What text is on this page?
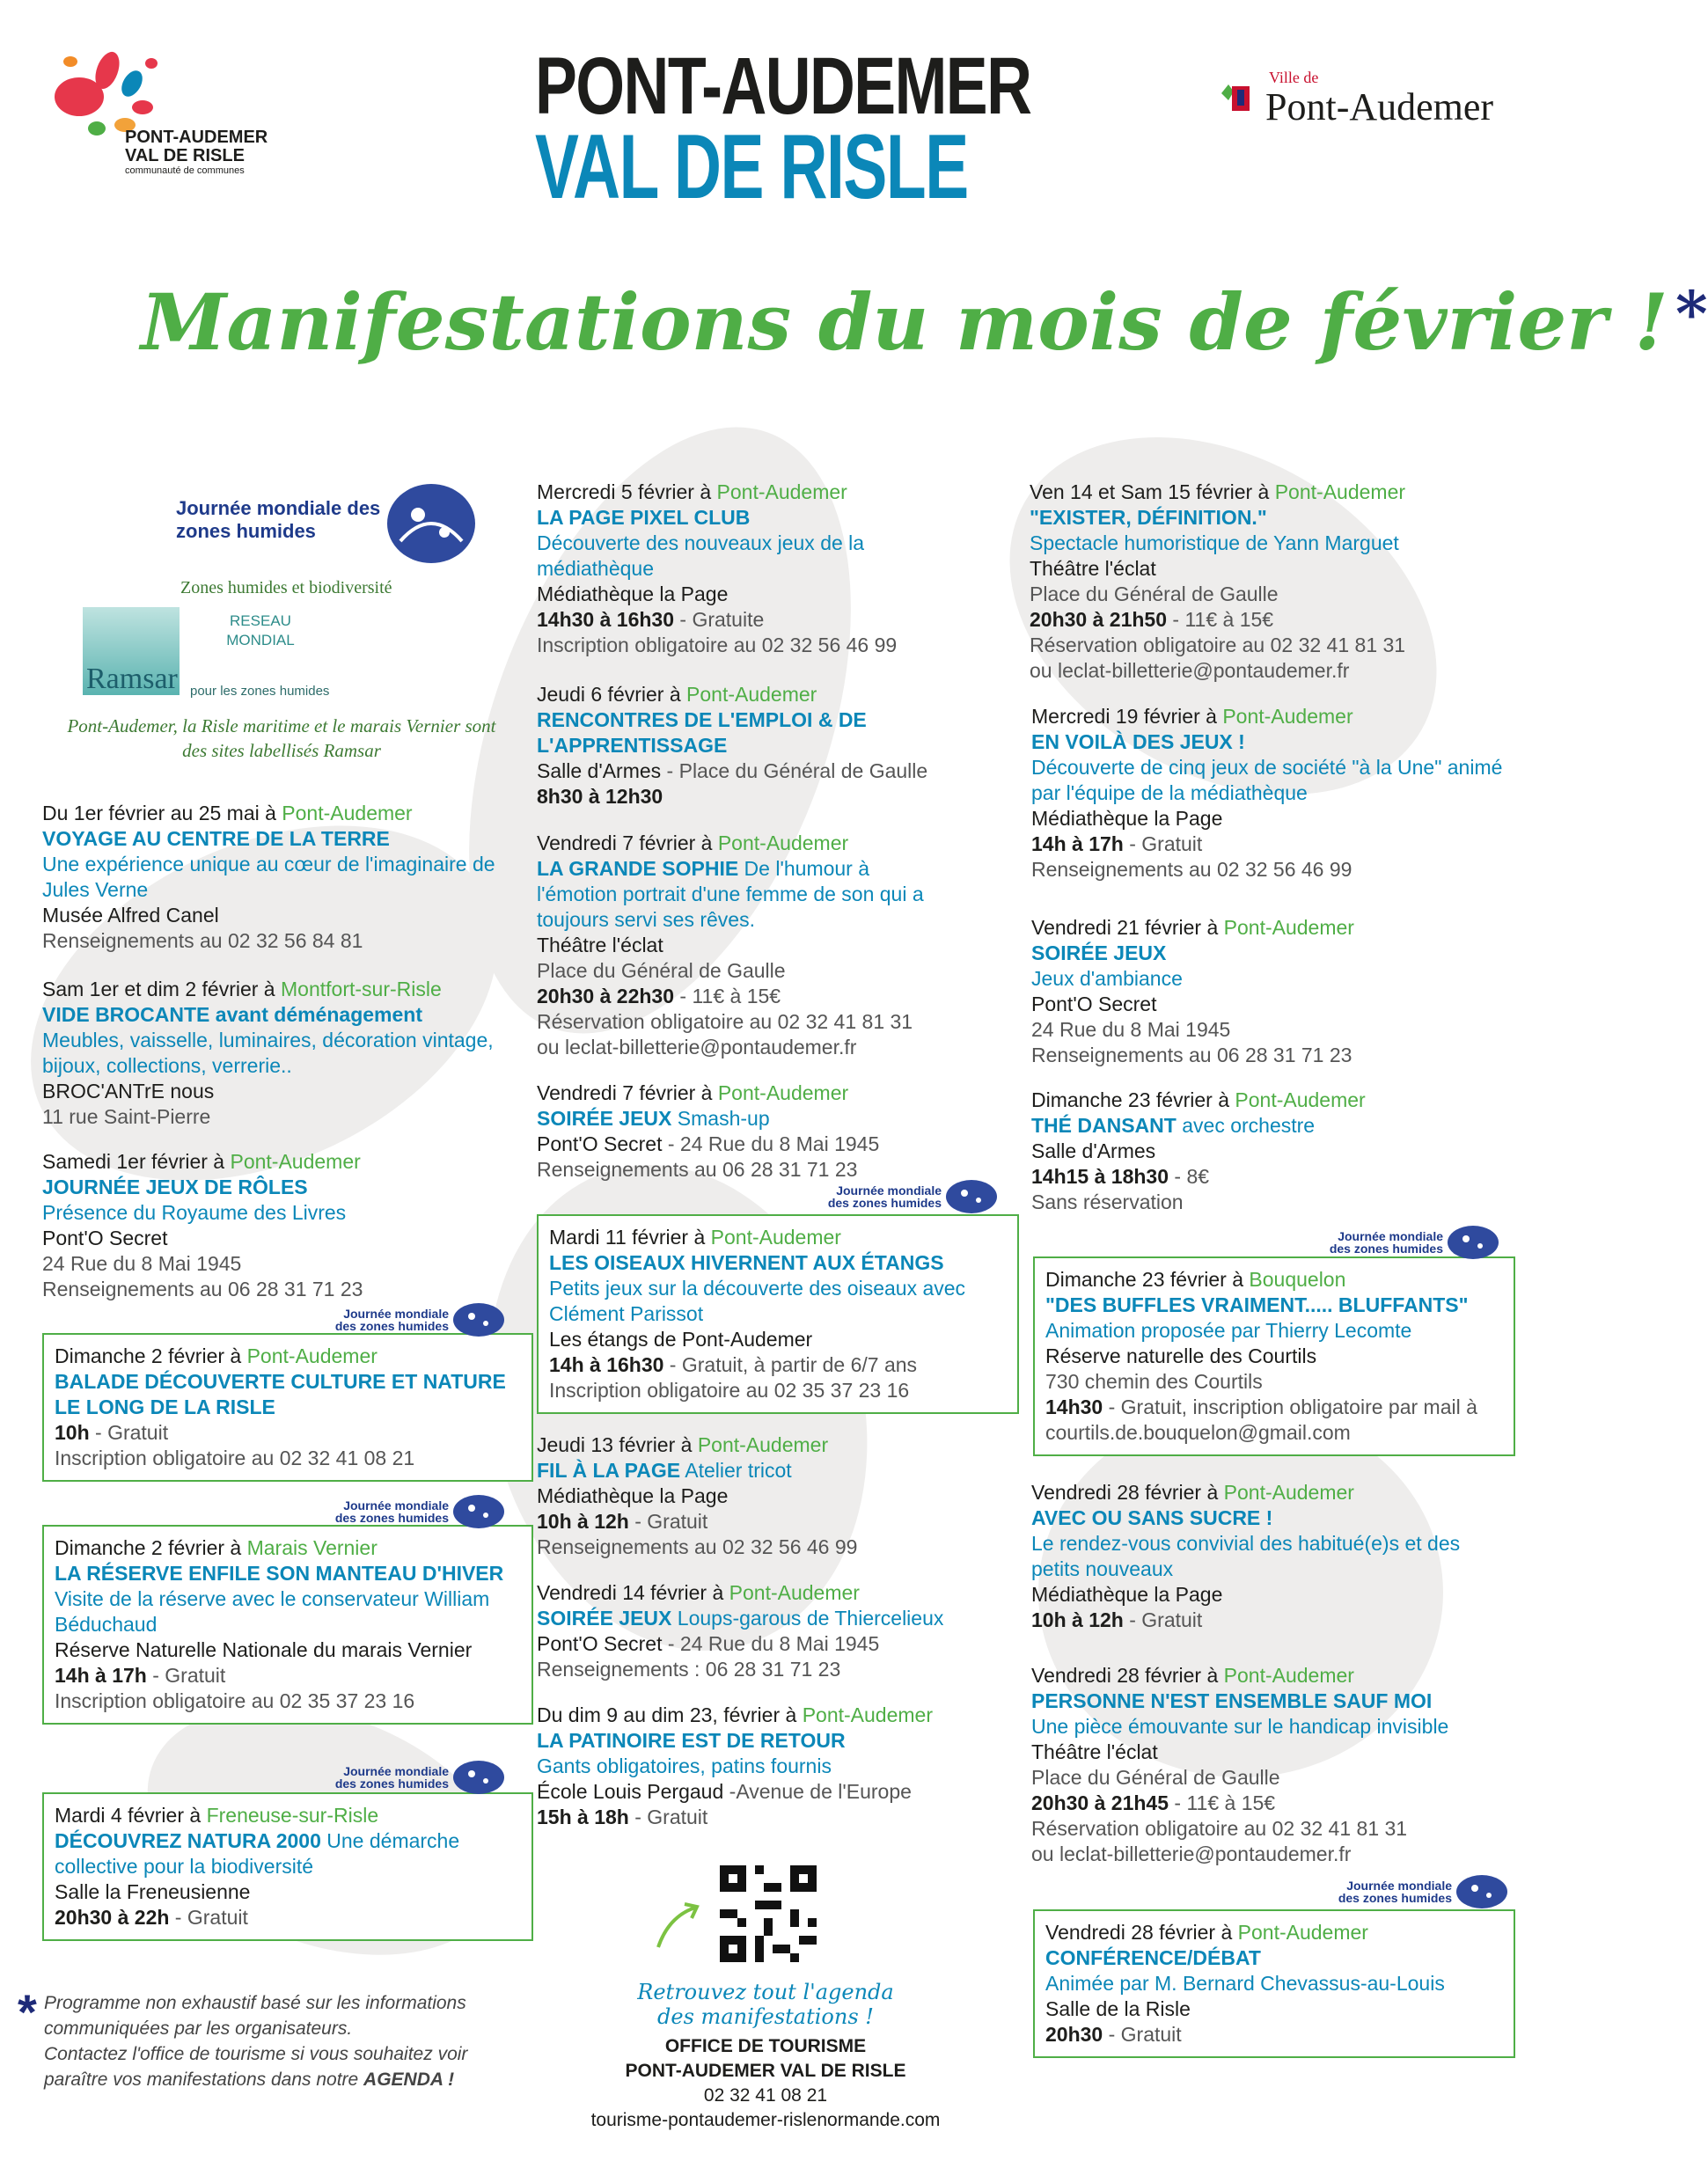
PONT-AUDEMER
VAL DE RISLE
communauté de communes
PONT-AUDEMER
VAL DE RISLE
Ville de
Pont-Audemer
Manifestations du mois de février ! *
Journée mondiale des zones humides
Zones humides et biodiversité
Ramsar
RESEAU MONDIAL
pour les zones humides
Pont-Audemer, la Risle maritime et le marais Vernier sont des sites labellisés Ramsar
Du 1er février au 25 mai à Pont-Audemer
VOYAGE AU CENTRE DE LA TERRE
Une expérience unique au cœur de l'imaginaire de Jules Verne
Musée Alfred Canel
Renseignements au 02 32 56 84 81
Sam 1er et dim 2 février à Montfort-sur-Risle
VIDE BROCANTE avant déménagement
Meubles, vaisselle, luminaires, décoration vintage, bijoux, collections, verrerie..
BROC'ANTrE nous
11 rue Saint-Pierre
Samedi 1er février à Pont-Audemer
JOURNÉE JEUX DE RÔLES
Présence du Royaume des Livres
Pont'O Secret
24 Rue du 8 Mai 1945
Renseignements au 06 28 31 71 23
Journée mondiale des zones humides
Dimanche 2 février à Pont-Audemer
BALADE DÉCOUVERTE CULTURE ET NATURE LE LONG DE LA RISLE
10h - Gratuit
Inscription obligatoire au 02 32 41 08 21
Journée mondiale des zones humides
Dimanche 2 février à Marais Vernier
LA RÉSERVE ENFILE SON MANTEAU D'HIVER Visite de la réserve avec le conservateur William Béduchaud
Réserve Naturelle Nationale du marais Vernier
14h à 17h - Gratuit
Inscription obligatoire au 02 35 37 23 16
Journée mondiale des zones humides
Mardi 4 février à Freneuse-sur-Risle
DÉCOUVREZ NATURA 2000 Une démarche collective pour la biodiversité
Salle la Freneusienne
20h30 à 22h - Gratuit
Mercredi 5 février à Pont-Audemer
LA PAGE PIXEL CLUB
Découverte des nouveaux jeux de la médiathèque
Médiathèque la Page
14h30 à 16h30 - Gratuite
Inscription obligatoire au 02 32 56 46 99
Jeudi 6 février à Pont-Audemer
RENCONTRES DE L'EMPLOI & DE L'APPRENTISSAGE
Salle d'Armes - Place du Général de Gaulle
8h30 à 12h30
Vendredi 7 février à Pont-Audemer
LA GRANDE SOPHIE De l'humour à l'émotion portrait d'une femme de son qui a toujours servi ses rêves.
Théâtre l'éclat
Place du Général de Gaulle
20h30 à 22h30 - 11€ à 15€
Réservation obligatoire au 02 32 41 81 31
ou leclat-billetterie@pontaudemer.fr
Vendredi 7 février à Pont-Audemer
SOIRÉE JEUX Smash-up
Pont'O Secret - 24 Rue du 8 Mai 1945
Renseignements au 06 28 31 71 23
Journée mondiale des zones humides
Mardi 11 février à Pont-Audemer
LES OISEAUX HIVERNENT AUX ÉTANGS
Petits jeux sur la découverte des oiseaux avec Clément Parissot
Les étangs de Pont-Audemer
14h à 16h30 - Gratuit, à partir de 6/7 ans
Inscription obligatoire au 02 35 37 23 16
Jeudi 13 février à Pont-Audemer
FIL À LA PAGE Atelier tricot
Médiathèque la Page
10h à 12h - Gratuit
Renseignements au 02 32 56 46 99
Vendredi 14 février à Pont-Audemer
SOIRÉE JEUX Loups-garous de Thiercelieux
Pont'O Secret - 24 Rue du 8 Mai 1945
Renseignements : 06 28 31 71 23
Du dim 9 au dim 23, février à Pont-Audemer
LA PATINOIRE EST DE RETOUR
Gants obligatoires, patins fournis
École Louis Pergaud -Avenue de l'Europe
15h à 18h - Gratuit
Ven 14 et Sam 15 février à Pont-Audemer
"EXISTER, DÉFINITION."
Spectacle humoristique de Yann Marguet
Théâtre l'éclat
Place du Général de Gaulle
20h30 à 21h50 - 11€ à 15€
Réservation obligatoire au 02 32 41 81 31
ou leclat-billetterie@pontaudemer.fr
Mercredi 19 février à Pont-Audemer
EN VOILÀ DES JEUX !
Découverte de cinq jeux de société "à la Une" animé par l'équipe de la médiathèque
Médiathèque la Page
14h à 17h - Gratuit
Renseignements au 02 32 56 46 99
Vendredi 21 février à Pont-Audemer
SOIRÉE JEUX
Jeux d'ambiance
Pont'O Secret
24 Rue du 8 Mai 1945
Renseignements au 06 28 31 71 23
Dimanche 23 février à Pont-Audemer
THÉ DANSANT avec orchestre
Salle d'Armes
14h15 à 18h30 - 8€
Sans réservation
Journée mondiale des zones humides
Dimanche 23 février à Bouquelon
"DES BUFFLES VRAIMENT..... BLUFFANTS"
Animation proposée par Thierry Lecomte
Réserve naturelle des Courtils
730 chemin des Courtils
14h30 - Gratuit, inscription obligatoire par mail à courtils.de.bouquelon@gmail.com
Vendredi 28 février à Pont-Audemer
AVEC OU SANS SUCRE !
Le rendez-vous convivial des habitué(e)s et des petits nouveaux
Médiathèque la Page
10h à 12h - Gratuit
Vendredi 28 février à Pont-Audemer
PERSONNE N'EST ENSEMBLE SAUF MOI
Une pièce émouvante sur le handicap invisible
Théâtre l'éclat
Place du Général de Gaulle
20h30 à 21h45 - 11€ à 15€
Réservation obligatoire au 02 32 41 81 31
ou leclat-billetterie@pontaudemer.fr
Journée mondiale des zones humides
Vendredi 28 février à Pont-Audemer
CONFÉRENCE/DÉBAT
Animée par M. Bernard Chevassus-au-Louis
Salle de la Risle
20h30 - Gratuit
* Programme non exhaustif basé sur les informations
communiquées par les organisateurs.
Contactez l'office de tourisme si vous souhaitez voir
paraître vos manifestations dans notre AGENDA !
Retrouvez tout l'agenda
des manifestations !
OFFICE DE TOURISME
PONT-AUDEMER VAL DE RISLE
02 32 41 08 21
tourisme-pontaudemer-rislenormande.com
